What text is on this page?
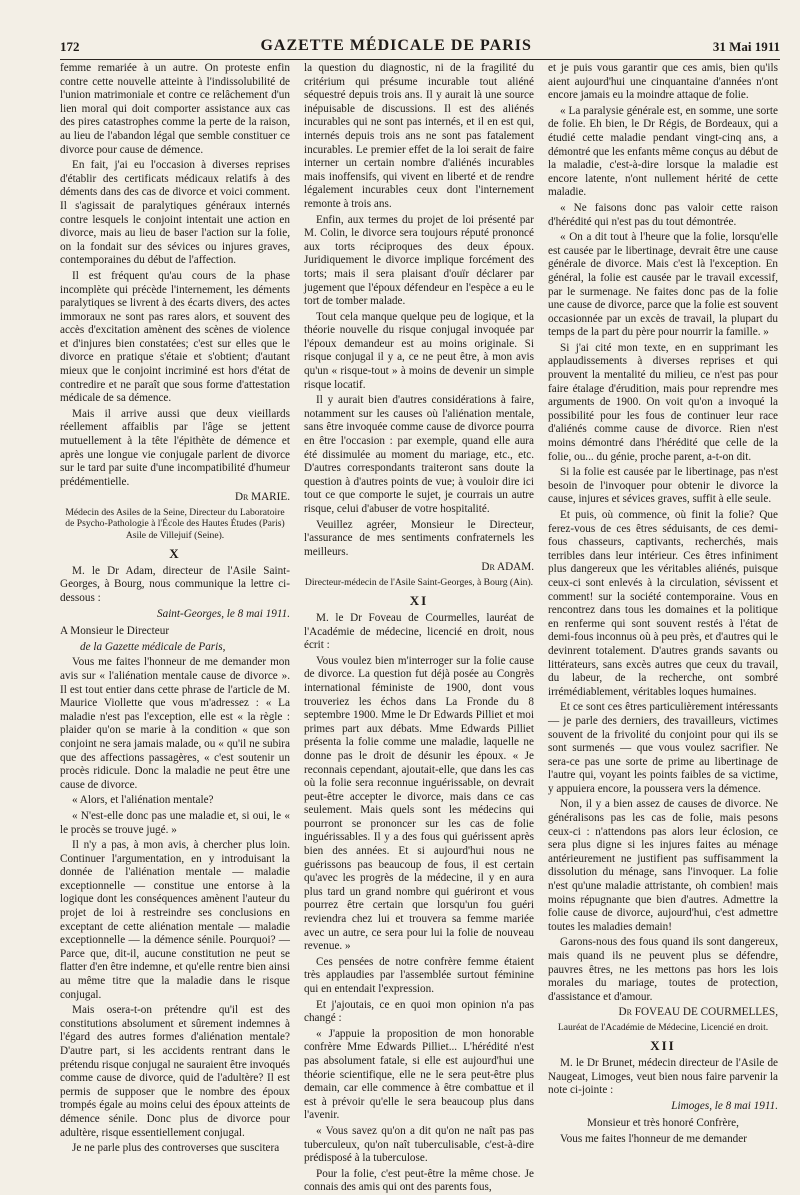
172	GAZETTE MÉDICALE DE PARIS	31 Mai 1911

femme remariée à un autre. On proteste enfin contre cette nouvelle atteinte à l'indissolubilité de l'union matrimoniale et contre ce relâchement d'un lien moral qui doit comporter assistance aux cas des pires catastrophes comme la perte de la raison, au lieu de l'abandon légal que semble constituer ce divorce pour cause de démence.

En fait, j'ai eu l'occasion à diverses reprises d'établir des certificats médicaux relatifs à des déments dans des cas de divorce et voici comment. Il s'agissait de paralytiques généraux internés contre lesquels le conjoint intentait une action en divorce, mais au lieu de baser l'action sur la folie, on la fondait sur des sévices ou injures graves, contemporaines du début de l'affection.

Il est fréquent qu'au cours de la phase incomplète qui précède l'internement, les déments paralytiques se livrent à des écarts divers, des actes immoraux ne sont pas rares alors, et souvent des accès d'excitation amènent des scènes de violence et d'injures bien constatées; c'est sur elles que le divorce en pratique s'étaie et s'obtient; d'autant mieux que le conjoint incriminé est hors d'état de contredire et ne paraît que sous forme d'attestation médicale de sa démence.

Mais il arrive aussi que deux vieillards réellement affaiblis par l'âge se jettent mutuellement à la tête l'épithète de démence et après une longue vie conjugale parlent de divorce sur le tard par suite d'une incompatibilité d'humeur prédémentielle.

Dr MARIE.
Médecin des Asiles de la Seine, Directeur du Laboratoire de Psycho-Pathologie à l'École des Hautes Études (Paris) Asile de Villejuif (Seine).
X

M. le Dr Adam, directeur de l'Asile Saint-Georges, à Bourg, nous communique la lettre ci-dessous :

Saint-Georges, le 8 mai 1911.

A Monsieur le Directeur

de la Gazette médicale de Paris,

Vous me faites l'honneur de me demander mon avis sur « l'aliénation mentale cause de divorce ». Il est tout entier dans cette phrase de l'article de M. Maurice Viollette que vous m'adressez : « La maladie n'est pas l'exception, elle est « la règle : plaider qu'on se marie à la condition « que son conjoint ne sera jamais malade, ou « qu'il ne subira que des affections passagères, « c'est soutenir un procès ridicule. Donc la maladie ne peut être une cause de divorce.

« Alors, et l'aliénation mentale?

« N'est-elle donc pas une maladie et, si oui, le « le procès se trouve jugé. »

Il n'y a pas, à mon avis, à chercher plus loin. Continuer l'argumentation, en y introduisant la donnée de l'aliénation mentale — maladie exceptionnelle — constitue une entorse à la logique dont les conséquences amènent l'auteur du projet de loi à restreindre ses conclusions en exceptant de cette aliénation mentale — maladie exceptionnelle — la démence sénile. Pourquoi? — Parce que, dit-il, aucune constitution ne peut se flatter d'en être indemne, et qu'elle rentre bien ainsi au même titre que la maladie dans le risque conjugal.

Mais osera-t-on prétendre qu'il est des constitutions absolument et sûrement indemnes à l'égard des autres formes d'aliénation mentale? D'autre part, si les accidents rentrant dans le prétendu risque conjugal ne sauraient être invoqués comme cause de divorce, quid de l'adultère? Il est permis de supposer que le nombre des époux trompés égale au moins celui des époux atteints de démence sénile. Donc plus de divorce pour adultère, risque essentiellement conjugal.

Je ne parle plus des controverses que suscitera

la question du diagnostic, ni de la fragilité du critérium qui présume incurable tout aliéné séquestré depuis trois ans. Il y aurait là une source inépuisable de discussions. Il est des aliénés incurables qui ne sont pas internés, et il en est qui, internés depuis trois ans ne sont pas fatalement incurables. Le premier effet de la loi serait de faire interner un certain nombre d'aliénés incurables mais inoffensifs, qui vivent en liberté et de rendre légalement incurables ceux dont l'internement remonte à trois ans.

Enfin, aux termes du projet de loi présenté par M. Colin, le divorce sera toujours réputé prononcé aux torts réciproques des deux époux. Juridiquement le divorce implique forcément des torts; mais il sera plaisant d'ouïr déclarer par jugement que l'époux défendeur en l'espèce a eu le tort de tomber malade.

Tout cela manque quelque peu de logique, et la théorie nouvelle du risque conjugal invoquée par l'époux demandeur est au moins originale. Si risque conjugal il y a, ce ne peut être, à mon avis qu'un « risque-tout » à moins de devenir un simple risque locatif.

Il y aurait bien d'autres considérations à faire, notamment sur les causes où l'aliénation mentale, sans être invoquée comme cause de divorce pourra en être l'occasion : par exemple, quand elle aura été dissimulée au moment du mariage, etc., etc. D'autres correspondants traiteront sans doute la question à d'autres points de vue; à vouloir dire ici tout ce que comporte le sujet, je courrais un autre risque, celui d'abuser de votre hospitalité.

Veuillez agréer, Monsieur le Directeur, l'assurance de mes sentiments confraternels les meilleurs.

Dr ADAM.
Directeur-médecin de l'Asile Saint-Georges, à Bourg (Ain).
XI

M. le Dr Foveau de Courmelles, lauréat de l'Académie de médecine, licencié en droit, nous écrit :

Vous voulez bien m'interroger sur la folie cause de divorce. La question fut déjà posée au Congrès international féministe de 1900, dont vous trouveriez les échos dans La Fronde du 8 septembre 1900. Mme le Dr Edwards Pilliet et moi primes part aux débats. Mme Edwards Pilliet présenta la folie comme une maladie, laquelle ne donne pas le droit de désunir les époux. « Je reconnais cependant, ajoutait-elle, que dans les cas où la folie sera reconnue inguérissable, on devrait peut-être accepter le divorce, mais dans ce cas seulement. Mais quels sont les médecins qui pourront se prononcer sur les cas de folie inguérissables. Il y a des fous qui guérissent après bien des années. Et si aujourd'hui nous ne guérissons pas beaucoup de fous, il est certain qu'avec les progrès de la médecine, il y en aura plus tard un grand nombre qui guériront et vous pourrez être certain que lorsqu'un fou guéri reviendra chez lui et trouvera sa femme mariée avec un autre, ce sera pour lui la folie de nouveau revenue. »

Ces pensées de notre confrère femme étaient très applaudies par l'assemblée surtout féminine qui en entendait l'expression.

Et j'ajoutais, ce en quoi mon opinion n'a pas changé :

« J'appuie la proposition de mon honorable confrère Mme Edwards Pilliet... L'hérédité n'est pas absolument fatale, si elle est aujourd'hui une théorie scientifique, elle ne le sera peut-être plus demain, car elle commence à être combattue et il est à prévoir qu'elle le sera beaucoup plus dans l'avenir.

« Vous savez qu'on a dit qu'on ne naît pas pas tuberculeux, qu'on naît tuberculisable, c'est-à-dire prédisposé à la tuberculose.

Pour la folie, c'est peut-être la même chose. Je connais des amis qui ont des parents fous,

et je puis vous garantir que ces amis, bien qu'ils aient aujourd'hui une cinquantaine d'années n'ont encore jamais eu la moindre attaque de folie.

« La paralysie générale est, en somme, une sorte de folie. Eh bien, le Dr Régis, de Bordeaux, qui a étudié cette maladie pendant vingt-cinq ans, a démontré que les enfants même conçus au début de la maladie, c'est-à-dire lorsque la maladie est encore latente, n'ont nullement hérité de cette maladie.

« Ne faisons donc pas valoir cette raison d'hérédité qui n'est pas du tout démontrée.

« On a dit tout à l'heure que la folie, lorsqu'elle est causée par le libertinage, devrait être une cause générale de divorce. Mais c'est là l'exception. En général, la folie est causée par le travail excessif, par le surmenage. Ne faites donc pas de la folie une cause de divorce, parce que la folie est souvent occasionnée par un excès de travail, la plupart du temps de la part du père pour nourrir la famille. »

Si j'ai cité mon texte, en en supprimant les applaudissements à diverses reprises et qui prouvent la mentalité du milieu, ce n'est pas pour faire étalage d'érudition, mais pour reprendre mes arguments de 1900. On voit qu'on a invoqué la possibilité pour les fous de continuer leur race d'aliénés comme cause de divorce. Rien n'est moins démontré dans l'hérédité que celle de la folie, ou... du génie, proche parent, a-t-on dit.

Si la folie est causée par le libertinage, pas n'est besoin de l'invoquer pour obtenir le divorce la cause, injures et sévices graves, suffit à elle seule.

Et puis, où commence, où finit la folie? Que ferez-vous de ces êtres séduisants, de ces demi-fous chasseurs, captivants, recherchés, mais terribles dans leur intérieur. Ces êtres infiniment plus dangereux que les véritables aliénés, puisque ceux-ci sont enlevés à la circulation, sévissent et comment! sur la société contemporaine. Vous en rencontrez dans tous les domaines et la politique en renferme qui sont souvent restés à l'état de demi-fous inconnus où à peu près, et d'autres qui le devinrent totalement. D'autres grands savants ou littérateurs, sans excès autres que ceux du travail, du labeur, de la recherche, ont sombré irrémédiablement, véritables loques humaines.

Et ce sont ces êtres particulièrement intéressants — je parle des derniers, des travailleurs, victimes souvent de la frivolité du conjoint pour qui ils se sont surmenés — que vous voulez sacrifier. Ne sera-ce pas une sorte de prime au libertinage de l'autre qui, voyant les points faibles de sa victime, y appuiera encore, la poussera vers la démence.

Non, il y a bien assez de causes de divorce. Ne généralisons pas les cas de folie, mais pesons ceux-ci : n'attendons pas alors leur éclosion, ce sera plus digne si les injures faites au ménage antérieurement ne justifient pas suffisamment la dissolution du ménage, sans l'invoquer. La folie n'est qu'une maladie attristante, oh combien! mais moins répugnante que bien d'autres. Admettre la folie cause de divorce, aujourd'hui, c'est admettre toutes les maladies demain!

Garons-nous des fous quand ils sont dangereux, mais quand ils ne peuvent plus se défendre, pauvres êtres, ne les mettons pas hors les lois morales du mariage, toutes de protection, d'assistance et d'amour.

Dr FOVEAU DE COURMELLES,
Lauréat de l'Académie de Médecine, Licencié en droit.
XII

M. le Dr Brunet, médecin directeur de l'Asile de Naugeat, Limoges, veut bien nous faire parvenir la note ci-jointe :

Limoges, le 8 mai 1911.

Monsieur et très honoré Confrère,

Vous me faites l'honneur de me demander
